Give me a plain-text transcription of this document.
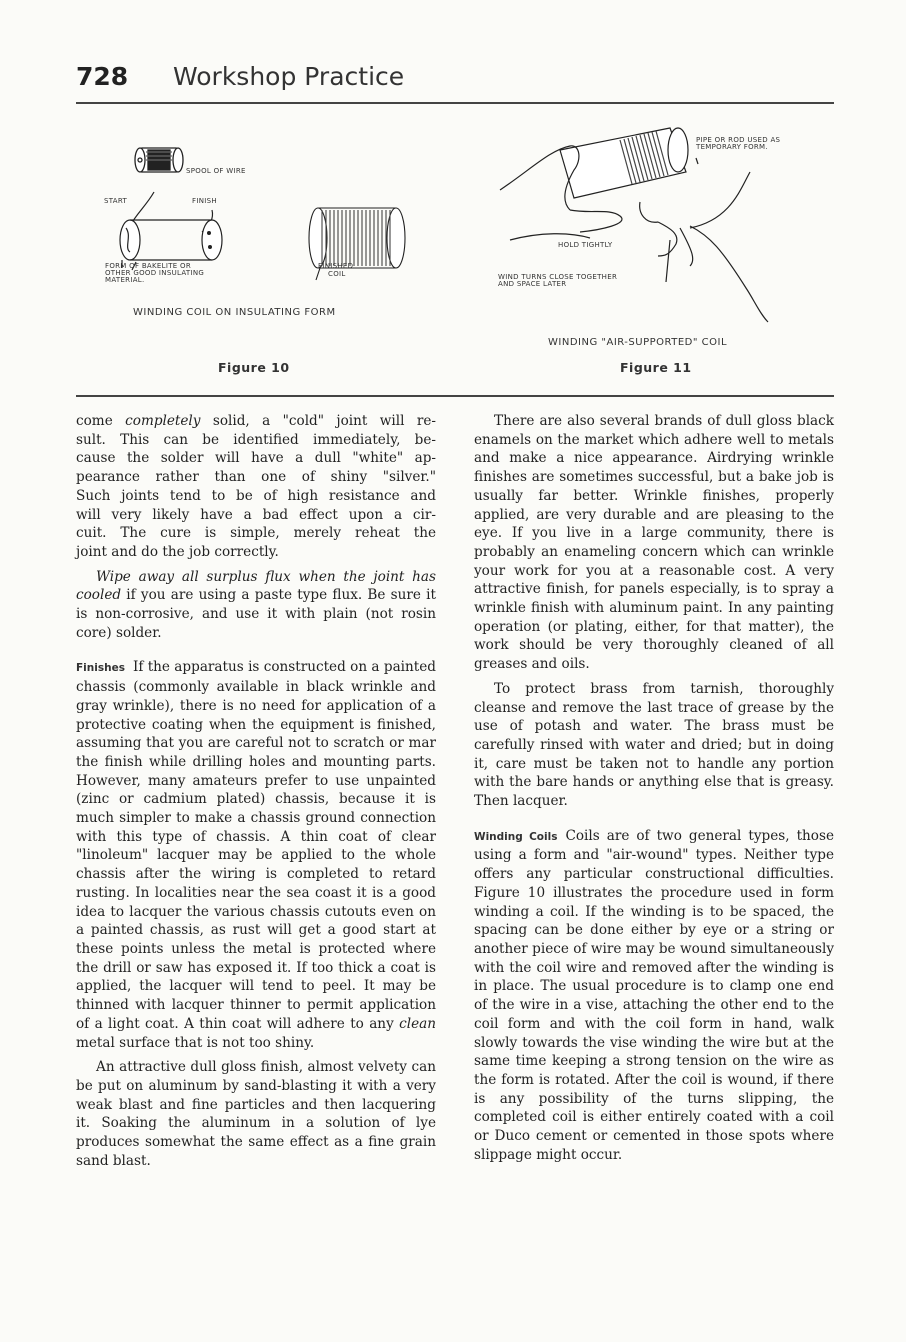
728 Workshop Practice
SPOOL OF WIRE
START	FINISH
FORM OF BAKELITE OR
OTHER GOOD INSULATING
MATERIAL.
FINISHED
COIL
WINDING COIL ON INSULATING FORM
Figure 10
PIPE OR ROD USED AS
TEMPORARY FORM.
HOLD TIGHTLY
WIND TURNS CLOSE TOGETHER
AND SPACE LATER
WINDING "AIR-SUPPORTED" COIL
Figure 11
come completely solid, a "cold" joint will re-
sult. This can be identified immediately, be-
cause the solder will have a dull "white" ap-
pearance rather than one of shiny "silver."
Such joints tend to be of high resistance and
will very likely have a bad effect upon a cir-
cuit. The cure is simple, merely reheat the
joint and do the job correctly.

Wipe away all surplus flux when the joint has cooled if you are using a paste type flux. Be sure it is non-corrosive, and use it with plain (not rosin core) solder.

Finishes If the apparatus is constructed on a painted chassis (commonly available in black wrinkle and gray wrinkle), there is no need for application of a protective coating when the equipment is finished, assuming that you are careful not to scratch or mar the finish while drilling holes and mounting parts. However, many amateurs prefer to use unpainted (zinc or cadmium plated) chassis, because it is much simpler to make a chassis ground connection with this type of chassis. A thin coat of clear "linoleum" lacquer may be applied to the whole chassis after the wiring is completed to retard rusting. In localities near the sea coast it is a good idea to lacquer the various chassis cutouts even on a painted chassis, as rust will get a good start at these points unless the metal is protected where the drill or saw has exposed it. If too thick a coat is applied, the lacquer will tend to peel. It may be thinned with lacquer thinner to permit application of a light coat. A thin coat will adhere to any clean metal surface that is not too shiny.

An attractive dull gloss finish, almost velvety can be put on aluminum by sand-blasting it with a very weak blast and fine particles and then lacquering it. Soaking the aluminum in a solution of lye produces somewhat the same effect as a fine grain sand blast.

There are also several brands of dull gloss black enamels on the market which adhere well to metals and make a nice appearance. Airdrying wrinkle finishes are sometimes successful, but a bake job is usually far better. Wrinkle finishes, properly applied, are very durable and are pleasing to the eye. If you live in a large community, there is probably an enameling concern which can wrinkle your work for you at a reasonable cost. A very attractive finish, for panels especially, is to spray a wrinkle finish with aluminum paint. In any painting operation (or plating, either, for that matter), the work should be very thoroughly cleaned of all greases and oils.

To protect brass from tarnish, thoroughly cleanse and remove the last trace of grease by the use of potash and water. The brass must be carefully rinsed with water and dried; but in doing it, care must be taken not to handle any portion with the bare hands or anything else that is greasy. Then lacquer.

Winding Coils Coils are of two general types, those using a form and "air-wound" types. Neither type offers any particular constructional difficulties. Figure 10 illustrates the procedure used in form winding a coil. If the winding is to be spaced, the spacing can be done either by eye or a string or another piece of wire may be wound simultaneously with the coil wire and removed after the winding is in place. The usual procedure is to clamp one end of the wire in a vise, attaching the other end to the coil form and with the coil form in hand, walk slowly towards the vise winding the wire but at the same time keeping a strong tension on the wire as the form is rotated. After the coil is wound, if there is any possibility of the turns slipping, the completed coil is either entirely coated with a coil or Duco cement or cemented in those spots where slippage might occur.
